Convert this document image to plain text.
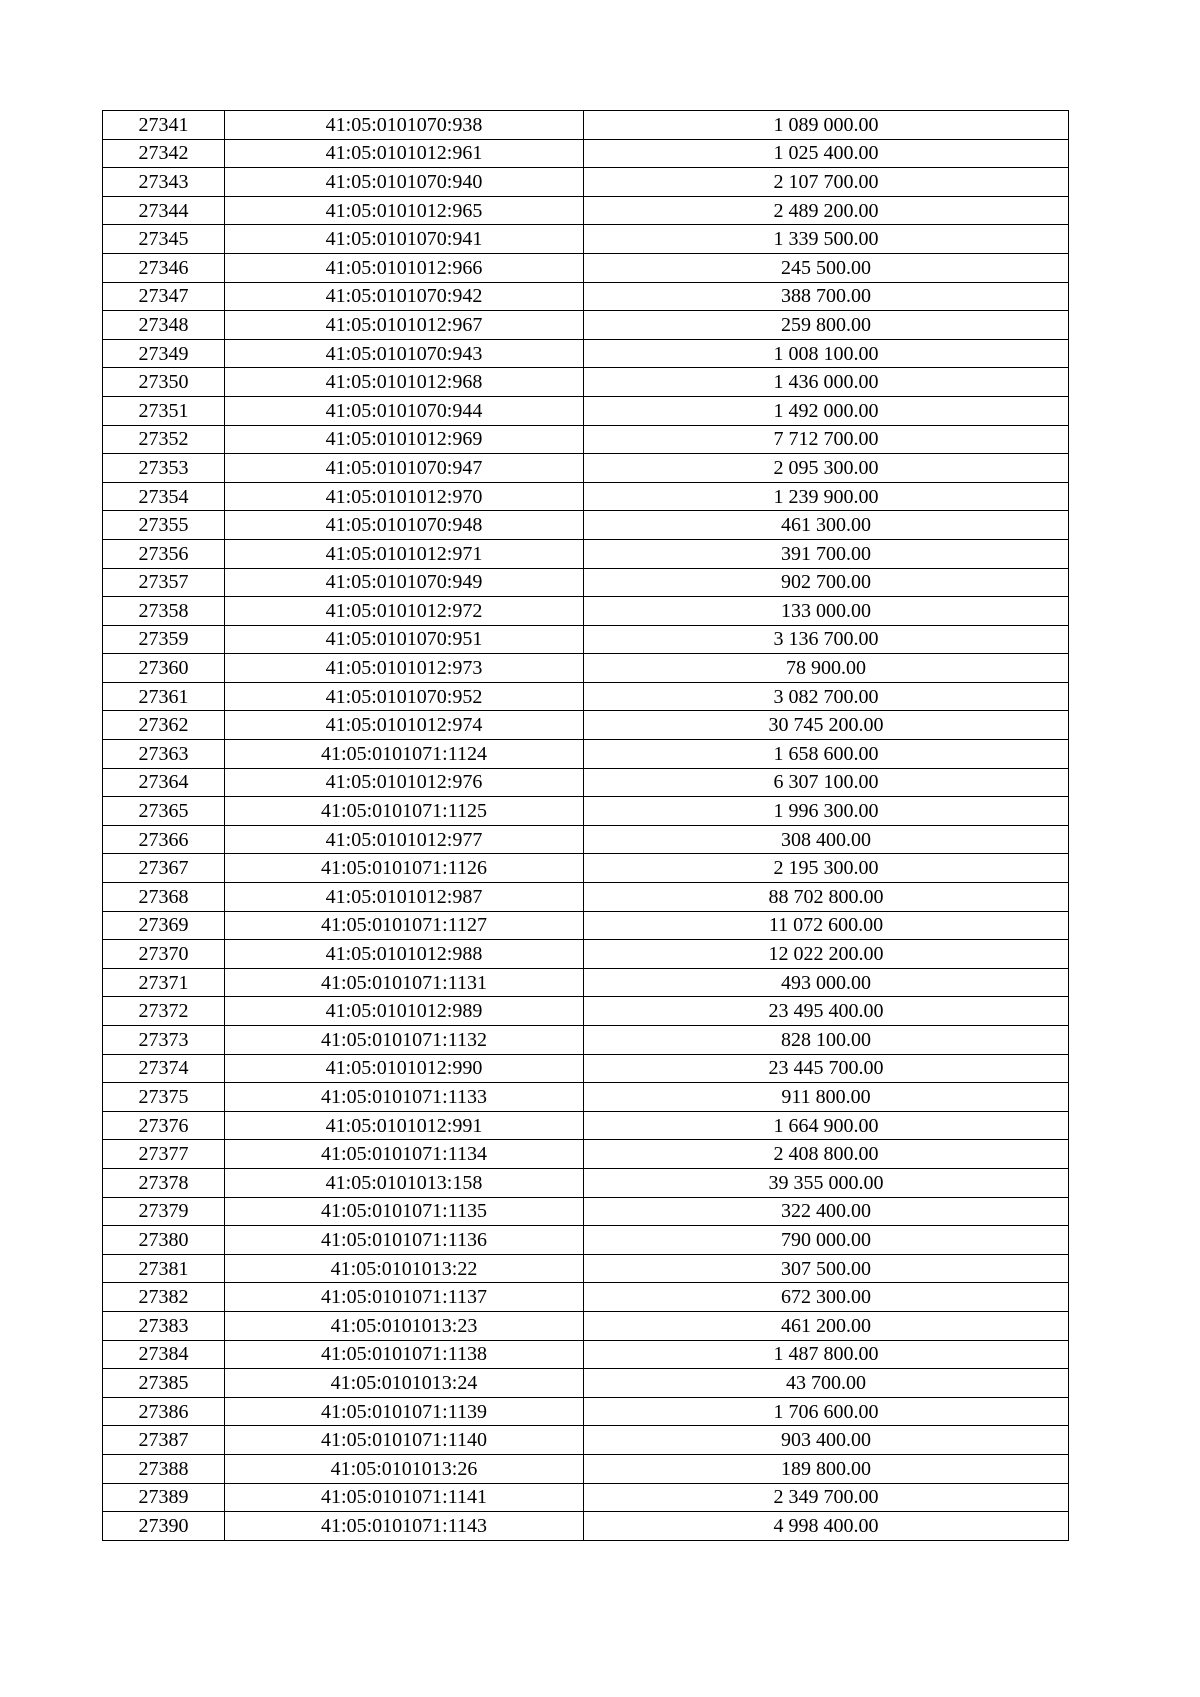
27341	41:05:0101070:938	1 089 000.00
27342	41:05:0101012:961	1 025 400.00
27343	41:05:0101070:940	2 107 700.00
27344	41:05:0101012:965	2 489 200.00
27345	41:05:0101070:941	1 339 500.00
27346	41:05:0101012:966	245 500.00
27347	41:05:0101070:942	388 700.00
27348	41:05:0101012:967	259 800.00
27349	41:05:0101070:943	1 008 100.00
27350	41:05:0101012:968	1 436 000.00
27351	41:05:0101070:944	1 492 000.00
27352	41:05:0101012:969	7 712 700.00
27353	41:05:0101070:947	2 095 300.00
27354	41:05:0101012:970	1 239 900.00
27355	41:05:0101070:948	461 300.00
27356	41:05:0101012:971	391 700.00
27357	41:05:0101070:949	902 700.00
27358	41:05:0101012:972	133 000.00
27359	41:05:0101070:951	3 136 700.00
27360	41:05:0101012:973	78 900.00
27361	41:05:0101070:952	3 082 700.00
27362	41:05:0101012:974	30 745 200.00
27363	41:05:0101071:1124	1 658 600.00
27364	41:05:0101012:976	6 307 100.00
27365	41:05:0101071:1125	1 996 300.00
27366	41:05:0101012:977	308 400.00
27367	41:05:0101071:1126	2 195 300.00
27368	41:05:0101012:987	88 702 800.00
27369	41:05:0101071:1127	11 072 600.00
27370	41:05:0101012:988	12 022 200.00
27371	41:05:0101071:1131	493 000.00
27372	41:05:0101012:989	23 495 400.00
27373	41:05:0101071:1132	828 100.00
27374	41:05:0101012:990	23 445 700.00
27375	41:05:0101071:1133	911 800.00
27376	41:05:0101012:991	1 664 900.00
27377	41:05:0101071:1134	2 408 800.00
27378	41:05:0101013:158	39 355 000.00
27379	41:05:0101071:1135	322 400.00
27380	41:05:0101071:1136	790 000.00
27381	41:05:0101013:22	307 500.00
27382	41:05:0101071:1137	672 300.00
27383	41:05:0101013:23	461 200.00
27384	41:05:0101071:1138	1 487 800.00
27385	41:05:0101013:24	43 700.00
27386	41:05:0101071:1139	1 706 600.00
27387	41:05:0101071:1140	903 400.00
27388	41:05:0101013:26	189 800.00
27389	41:05:0101071:1141	2 349 700.00
27390	41:05:0101071:1143	4 998 400.00
